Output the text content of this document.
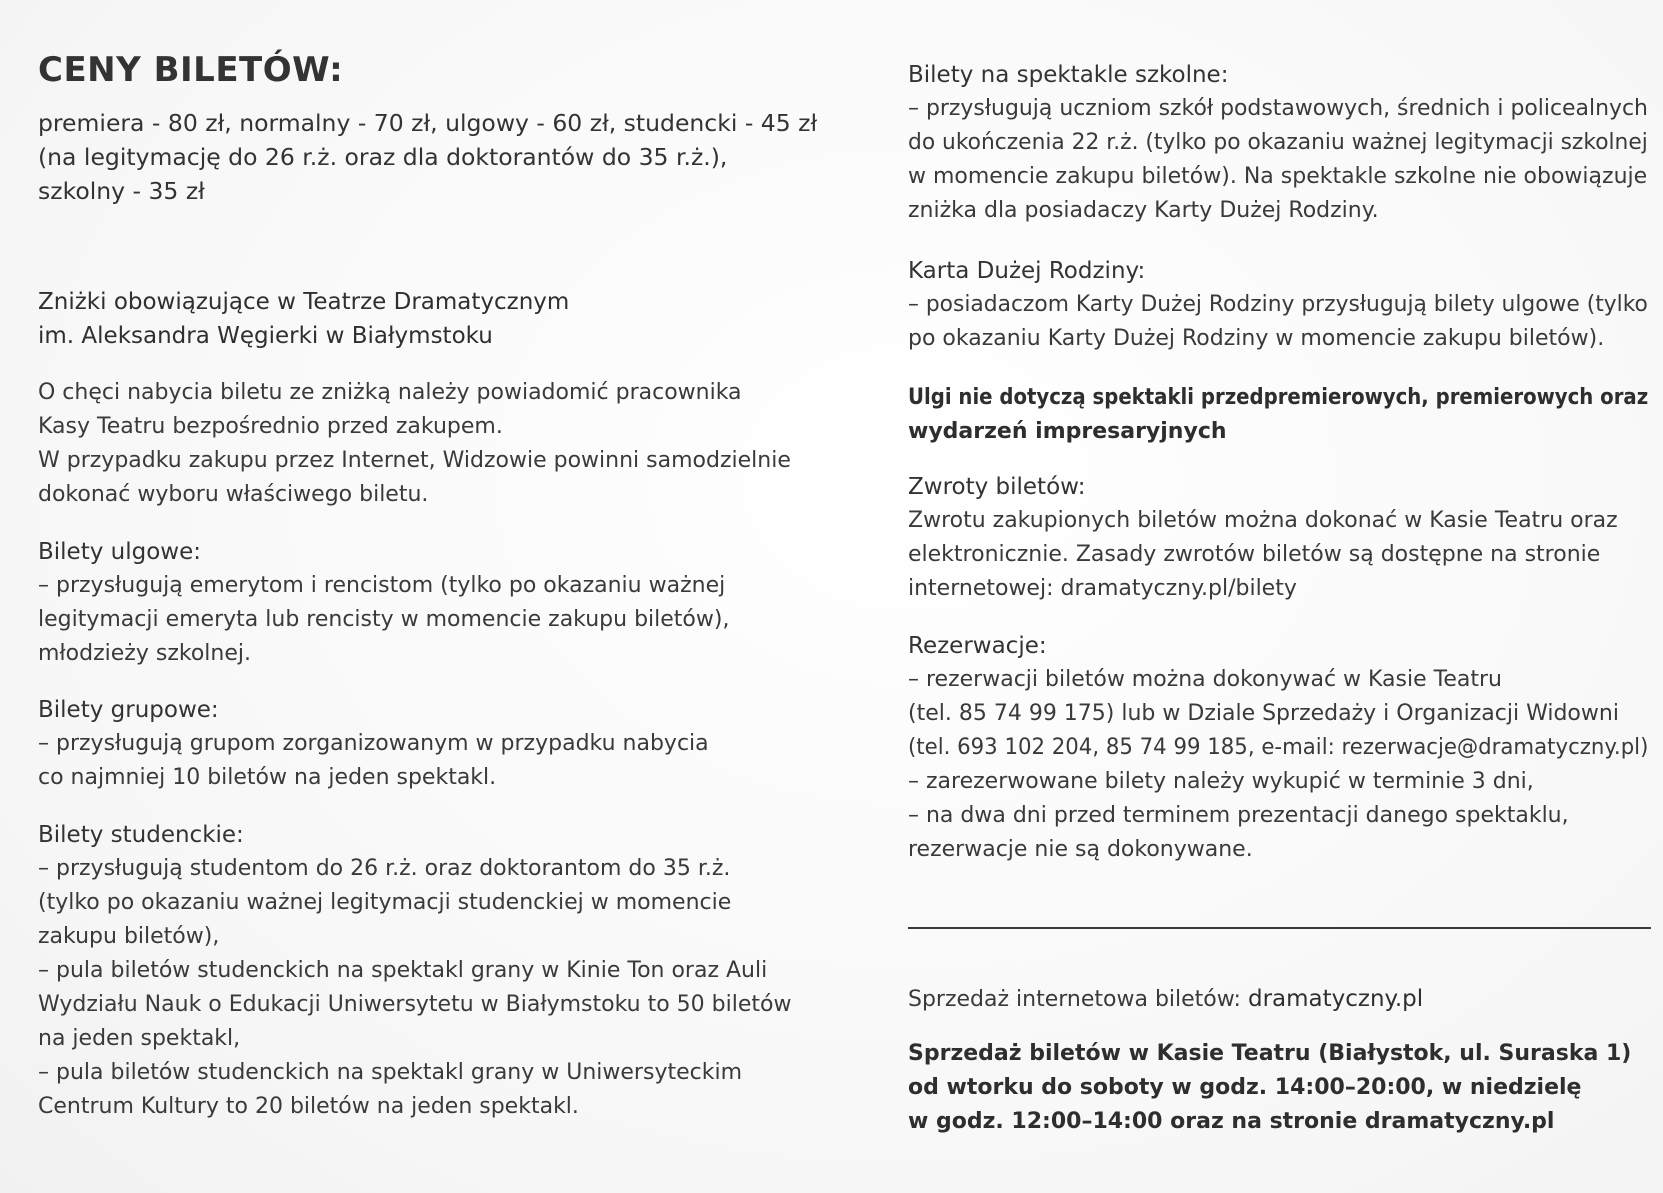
CENY BILETÓW:
premiera - 80 zł, normalny - 70 zł, ulgowy - 60 zł, studencki - 45 zł
(na legitymację do 26 r.ż. oraz dla doktorantów do 35 r.ż.),
szkolny - 35 zł
Zniżki obowiązujące w Teatrze Dramatycznym
im. Aleksandra Węgierki w Białymstoku
O chęci nabycia biletu ze zniżką należy powiadomić pracownika
Kasy Teatru bezpośrednio przed zakupem.
W przypadku zakupu przez Internet, Widzowie powinni samodzielnie
dokonać wyboru właściwego biletu.
Bilety ulgowe:
– przysługują emerytom i rencistom (tylko po okazaniu ważnej
legitymacji emeryta lub rencisty w momencie zakupu biletów),
młodzieży szkolnej.
Bilety grupowe:
– przysługują grupom zorganizowanym w przypadku nabycia
co najmniej 10 biletów na jeden spektakl.
Bilety studenckie:
– przysługują studentom do 26 r.ż. oraz doktorantom do 35 r.ż.
(tylko po okazaniu ważnej legitymacji studenckiej w momencie
zakupu biletów),
– pula biletów studenckich na spektakl grany w Kinie Ton oraz Auli
Wydziału Nauk o Edukacji Uniwersytetu w Białymstoku to 50 biletów
na jeden spektakl,
– pula biletów studenckich na spektakl grany w Uniwersyteckim
Centrum Kultury to 20 biletów na jeden spektakl.
Bilety na spektakle szkolne:
– przysługują uczniom szkół podstawowych, średnich i policealnych
do ukończenia 22 r.ż. (tylko po okazaniu ważnej legitymacji szkolnej
w momencie zakupu biletów). Na spektakle szkolne nie obowiązuje
zniżka dla posiadaczy Karty Dużej Rodziny.
Karta Dużej Rodziny:
– posiadaczom Karty Dużej Rodziny przysługują bilety ulgowe (tylko
po okazaniu Karty Dużej Rodziny w momencie zakupu biletów).
Ulgi nie dotyczą spektakli przedpremierowych, premierowych oraz
wydarzeń impresaryjnych
Zwroty biletów:
Zwrotu zakupionych biletów można dokonać w Kasie Teatru oraz
elektronicznie. Zasady zwrotów biletów są dostępne na stronie
internetowej: dramatyczny.pl/bilety
Rezerwacje:
– rezerwacji biletów można dokonywać w Kasie Teatru
(tel. 85 74 99 175) lub w Dziale Sprzedaży i Organizacji Widowni
(tel. 693 102 204, 85 74 99 185, e-mail: rezerwacje@dramatyczny.pl)
– zarezerwowane bilety należy wykupić w terminie 3 dni,
– na dwa dni przed terminem prezentacji danego spektaklu,
rezerwacje nie są dokonywane.
Sprzedaż internetowa biletów: dramatyczny.pl
Sprzedaż biletów w Kasie Teatru (Białystok, ul. Suraska 1)
od wtorku do soboty w godz. 14:00–20:00, w niedzielę
w godz. 12:00–14:00 oraz na stronie dramatyczny.pl
